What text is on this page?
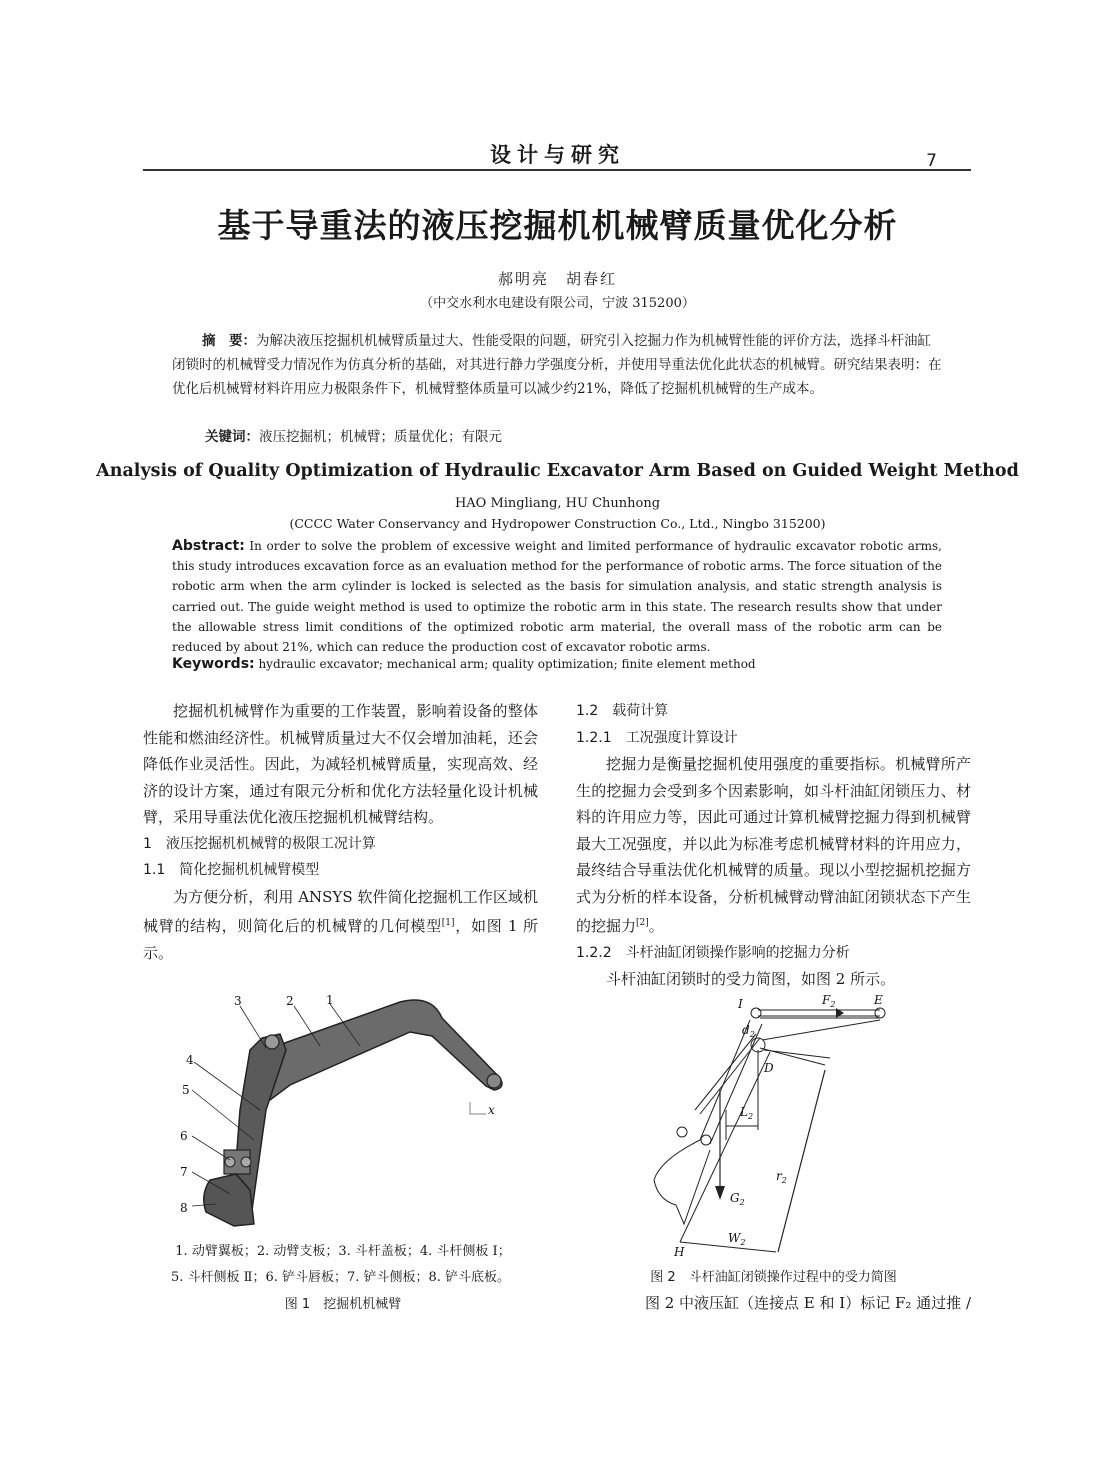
设计与研究	7
基于导重法的液压挖掘机机械臂质量优化分析
郝明亮　胡春红
（中交水利水电建设有限公司，宁波 315200）
摘　要：为解决液压挖掘机机械臂质量过大、性能受限的问题，研究引入挖掘力作为机械臂性能的评价方法，选择斗杆油缸闭锁时的机械臂受力情况作为仿真分析的基础，对其进行静力学强度分析，并使用导重法优化此状态的机械臂。研究结果表明：在优化后机械臂材料许用应力极限条件下，机械臂整体质量可以减少约21%，降低了挖掘机机械臂的生产成本。
关键词：液压挖掘机；机械臂；质量优化；有限元
Analysis of Quality Optimization of Hydraulic Excavator Arm Based on Guided Weight Method
HAO Mingliang, HU Chunhong
(CCCC Water Conservancy and Hydropower Construction Co., Ltd., Ningbo 315200)
Abstract: In order to solve the problem of excessive weight and limited performance of hydraulic excavator robotic arms, this study introduces excavation force as an evaluation method for the performance of robotic arms. The force situation of the robotic arm when the arm cylinder is locked is selected as the basis for simulation analysis, and static strength analysis is carried out. The guide weight method is used to optimize the robotic arm in this state. The research results show that under the allowable stress limit conditions of the optimized robotic arm material, the overall mass of the robotic arm can be reduced by about 21%, which can reduce the production cost of excavator robotic arms.
Keywords: hydraulic excavator; mechanical arm; quality optimization; finite element method

挖掘机机械臂作为重要的工作装置，影响着设备的整体性能和燃油经济性。机械臂质量过大不仅会增加油耗，还会降低作业灵活性。因此，为减轻机械臂质量，实现高效、经济的设计方案，通过有限元分析和优化方法轻量化设计机械臂，采用导重法优化液压挖掘机机械臂结构。

1　液压挖掘机机械臂的极限工况计算

1.1　简化挖掘机机械臂模型

为方便分析，利用 ANSYS 软件简化挖掘机工作区域机械臂的结构，则简化后的机械臂的几何模型[1]，如图 1 所示。

3	2	1
4
5
6
7
8
x
1. 动臂翼板；2. 动臂支板；3. 斗杆盖板；4. 斗杆侧板 Ⅰ；
5. 斗杆侧板 Ⅱ；6. 铲斗唇板；7. 铲斗侧板；8. 铲斗底板。
图 1　挖掘机机械臂

1.2　载荷计算

1.2.1　工况强度计算设计

挖掘力是衡量挖掘机使用强度的重要指标。机械臂所产生的挖掘力会受到多个因素影响，如斗杆油缸闭锁压力、材料的许用应力等，因此可通过计算机械臂挖掘力得到机械臂最大工况强度，并以此为标准考虑机械臂材料的许用应力，最终结合导重法优化机械臂的质量。现以小型挖掘机挖掘方式为分析的样本设备，分析机械臂动臂油缸闭锁状态下产生的挖掘力[2]。

1.2.2　斗杆油缸闭锁操作影响的挖掘力分析

斗杆油缸闭锁时的受力简图，如图 2 所示。

I	$F_2$	E
$d_2$
D
$L_2$
$r_2$
$G_2$
$W_2$
H
图 2　斗杆油缸闭锁操作过程中的受力简图
图 2 中液压缸（连接点 E 和 I）标记 F₂ 通过推 /
